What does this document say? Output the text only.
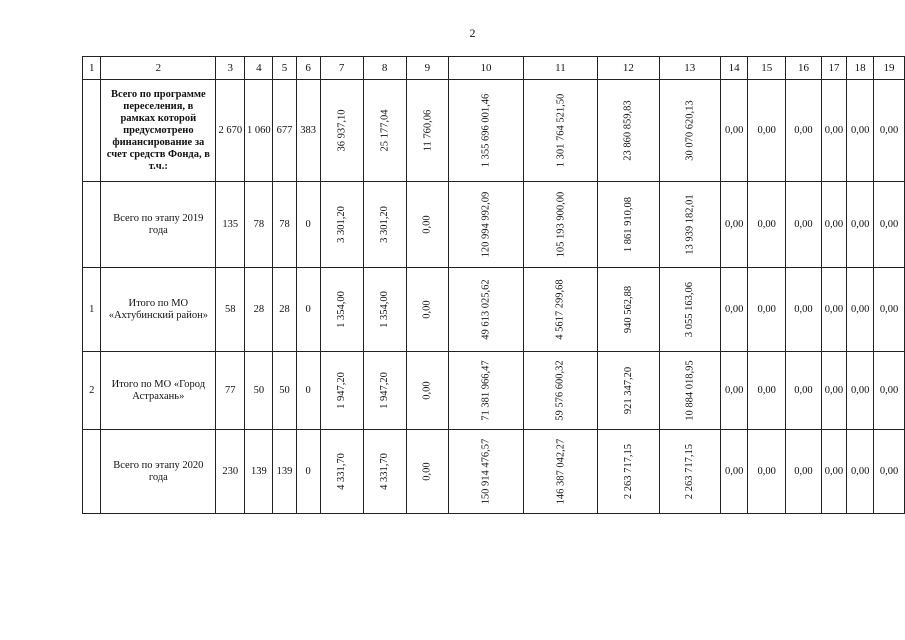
2
1	2	3	4	5	6	7	8	9	10	11	12	13	14	15	16	17	18	19
	Всего по программе переселения, в рамках которой предусмотрено финансирование за счет средств Фонда, в т.ч.:	2 670	1 060	677	383	36 937,10	25 177,04	11 760,06	1 355 696 001,46	1 301 764 521,50	23 860 859,83	30 070 620,13	0,00	0,00	0,00	0,00	0,00	0,00
	Всего по этапу 2019 года	135	78	78	0	3 301,20	3 301,20	0,00	120 994 992,09	105 193 900,00	1 861 910,08	13 939 182,01	0,00	0,00	0,00	0,00	0,00	0,00
1	Итого по МО «Ахтубинский район»	58	28	28	0	1 354,00	1 354,00	0,00	49 613 025,62	4 5617 299,68	940 562,88	3 055 163,06	0,00	0,00	0,00	0,00	0,00	0,00
2	Итого по МО «Город Астрахань»	77	50	50	0	1 947,20	1 947,20	0,00	71 381 966,47	59 576 600,32	921 347,20	10 884 018,95	0,00	0,00	0,00	0,00	0,00	0,00
	Всего по этапу 2020 года	230	139	139	0	4 331,70	4 331,70	0,00	150 914 476,57	146 387 042,27	2 263 717,15	2 263 717,15	0,00	0,00	0,00	0,00	0,00	0,00
